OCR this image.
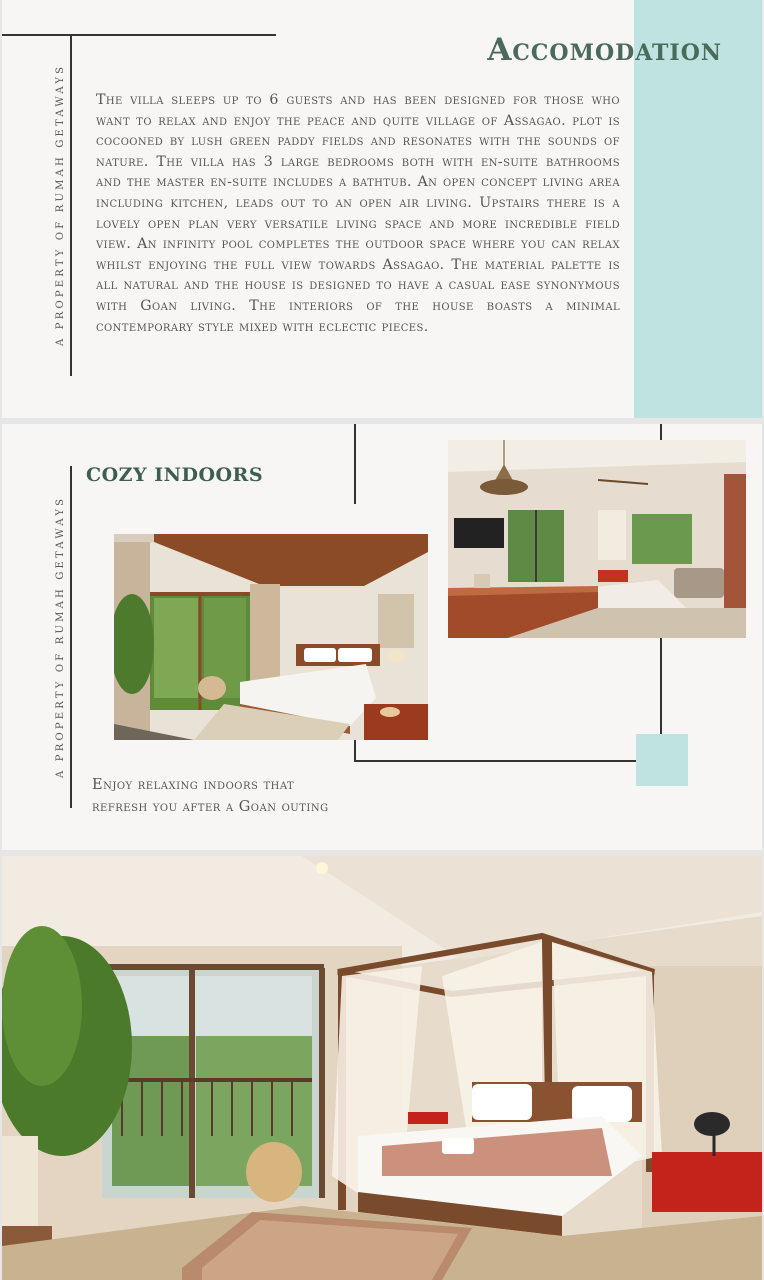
A PROPERTY OF RUMAH GETAWAYS
Accomodation

The villa sleeps up to 6 guests and has been designed for those who want to relax and enjoy the peace and quite village of Assagao. plot is cocooned by lush green paddy fields and resonates with the sounds of nature. The villa has 3 large bedrooms both with en-suite bathrooms and the master en-suite includes a bathtub. An open concept living area including kitchen, leads out to an open air living. Upstairs there is a lovely open plan very versatile living space and more incredible field view. An infinity pool completes the outdoor space where you can relax whilst enjoying the full view towards Assagao. The material palette is all natural and the house is designed to have a casual ease synonymous with Goan living. The interiors of the house boasts a minimal contemporary style mixed with eclectic pieces.

A PROPERTY OF RUMAH GETAWAYS
COZY INDOORS
Enjoy relaxing indoors that
refresh you after a Goan outing
